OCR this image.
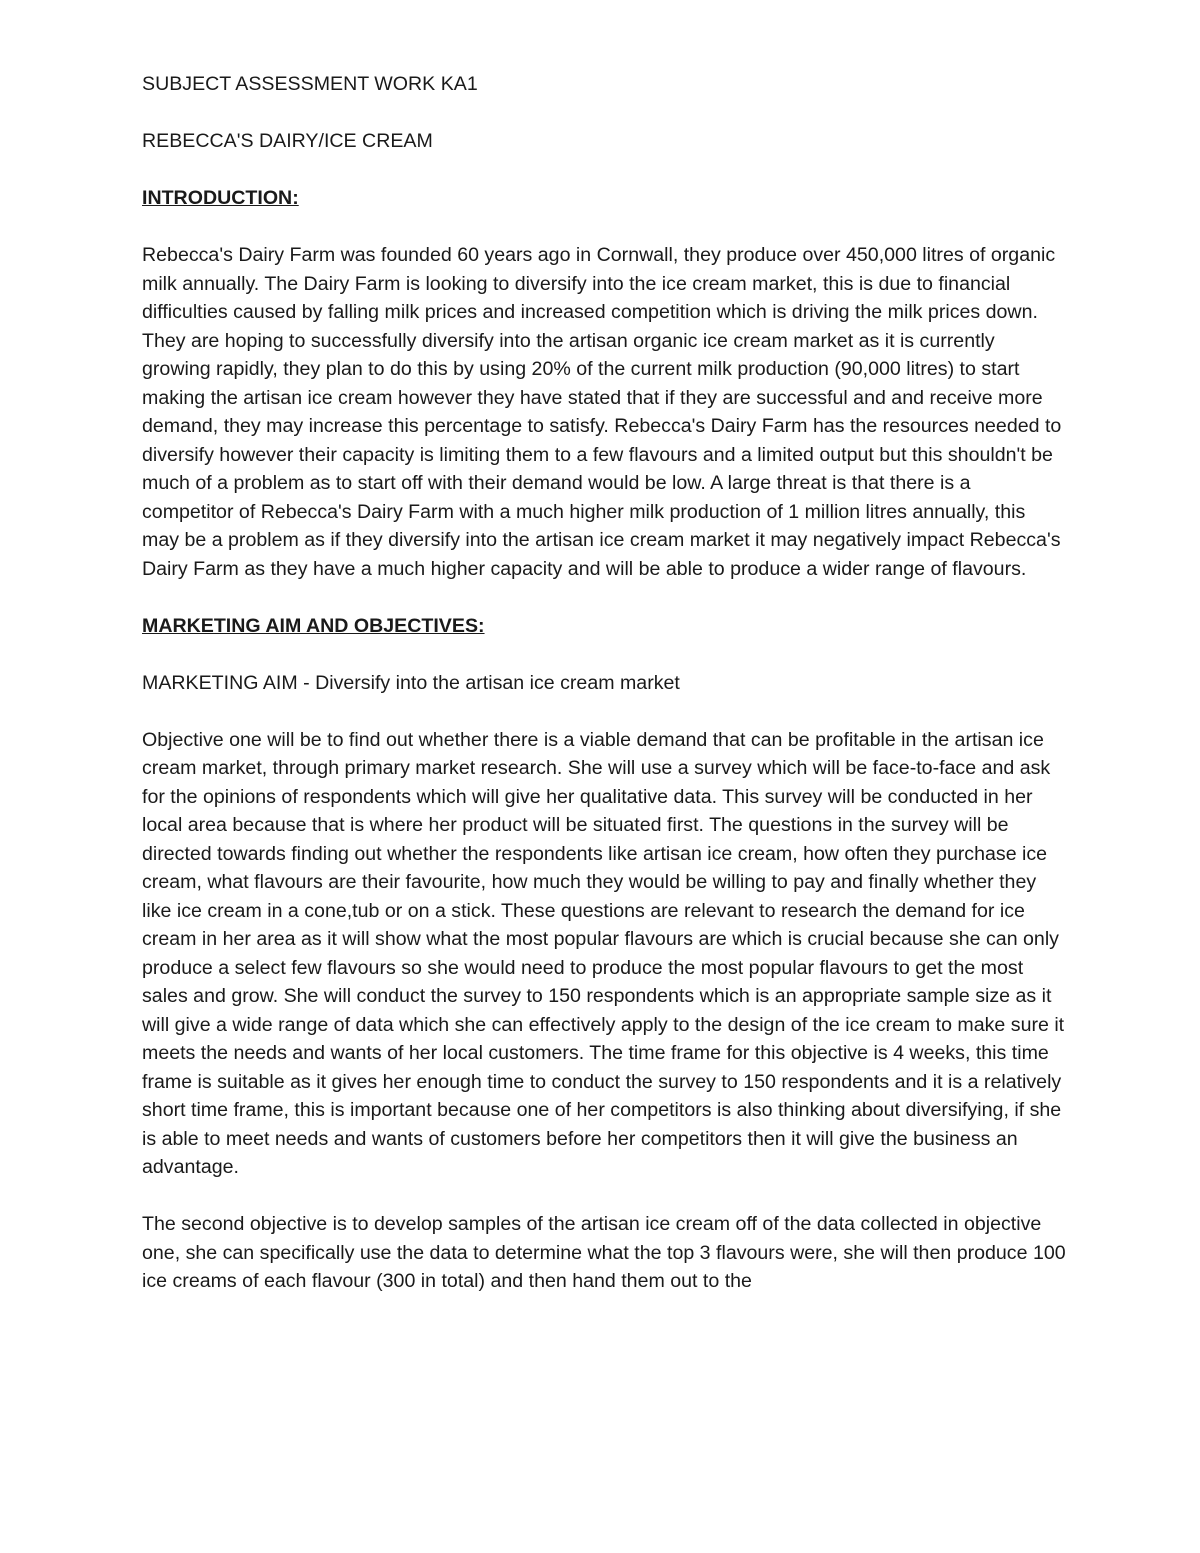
SUBJECT ASSESSMENT WORK KA1

REBECCA'S DAIRY/ICE CREAM

INTRODUCTION:

Rebecca's Dairy Farm was founded 60 years ago in Cornwall, they produce over 450,000 litres of organic milk annually. The Dairy Farm is looking to diversify into the ice cream market, this is due to financial difficulties caused by falling milk prices and increased competition which is driving the milk prices down. They are hoping to successfully diversify into the artisan organic ice cream market as it is currently growing rapidly, they plan to do this by using 20% of the current milk production (90,000 litres) to start making the artisan ice cream however they have stated that if they are successful and and receive more demand, they may increase this percentage to satisfy. Rebecca's Dairy Farm has the resources needed to diversify however their capacity is limiting them to a few flavours and a limited output but this shouldn't be much of a problem as to start off with their demand would be low. A large threat is that there is a competitor of Rebecca's Dairy Farm with a much higher milk production of 1 million litres annually, this may be a problem as if they diversify into the artisan ice cream market it may negatively impact Rebecca's Dairy Farm as they have a much higher capacity and will be able to produce a wider range of flavours.

MARKETING AIM AND OBJECTIVES:

MARKETING AIM - Diversify into the artisan ice cream market

Objective one will be to find out whether there is a viable demand that can be profitable in the artisan ice cream market, through primary market research. She will use a survey which will be face-to-face and ask for the opinions of respondents which will give her qualitative data. This survey will be conducted in her local area because that is where her product will be situated first. The questions in the survey will be directed towards finding out whether the respondents like artisan ice cream, how often they purchase ice cream, what flavours are their favourite, how much they would be willing to pay and finally whether they like ice cream in a cone,tub or on a stick. These questions are relevant to research the demand for ice cream in her area as it will show what the most popular flavours are which is crucial because she can only produce a select few flavours so she would need to produce the most popular flavours to get the most sales and grow. She will conduct the survey to 150 respondents which is an appropriate sample size as it will give a wide range of data which she can effectively apply to the design of the ice cream to make sure it meets the needs and wants of her local customers. The time frame for this objective is 4 weeks, this time frame is suitable as it gives her enough time to conduct the survey to 150 respondents and it is a relatively short time frame, this is important because one of her competitors is also thinking about diversifying, if she is able to meet needs and wants of customers before her competitors then it will give the business an advantage.

The second objective is to develop samples of the artisan ice cream off of the data collected in objective one, she can specifically use the data to determine what the top 3 flavours were, she will then produce 100 ice creams of each flavour (300 in total) and then hand them out to the
